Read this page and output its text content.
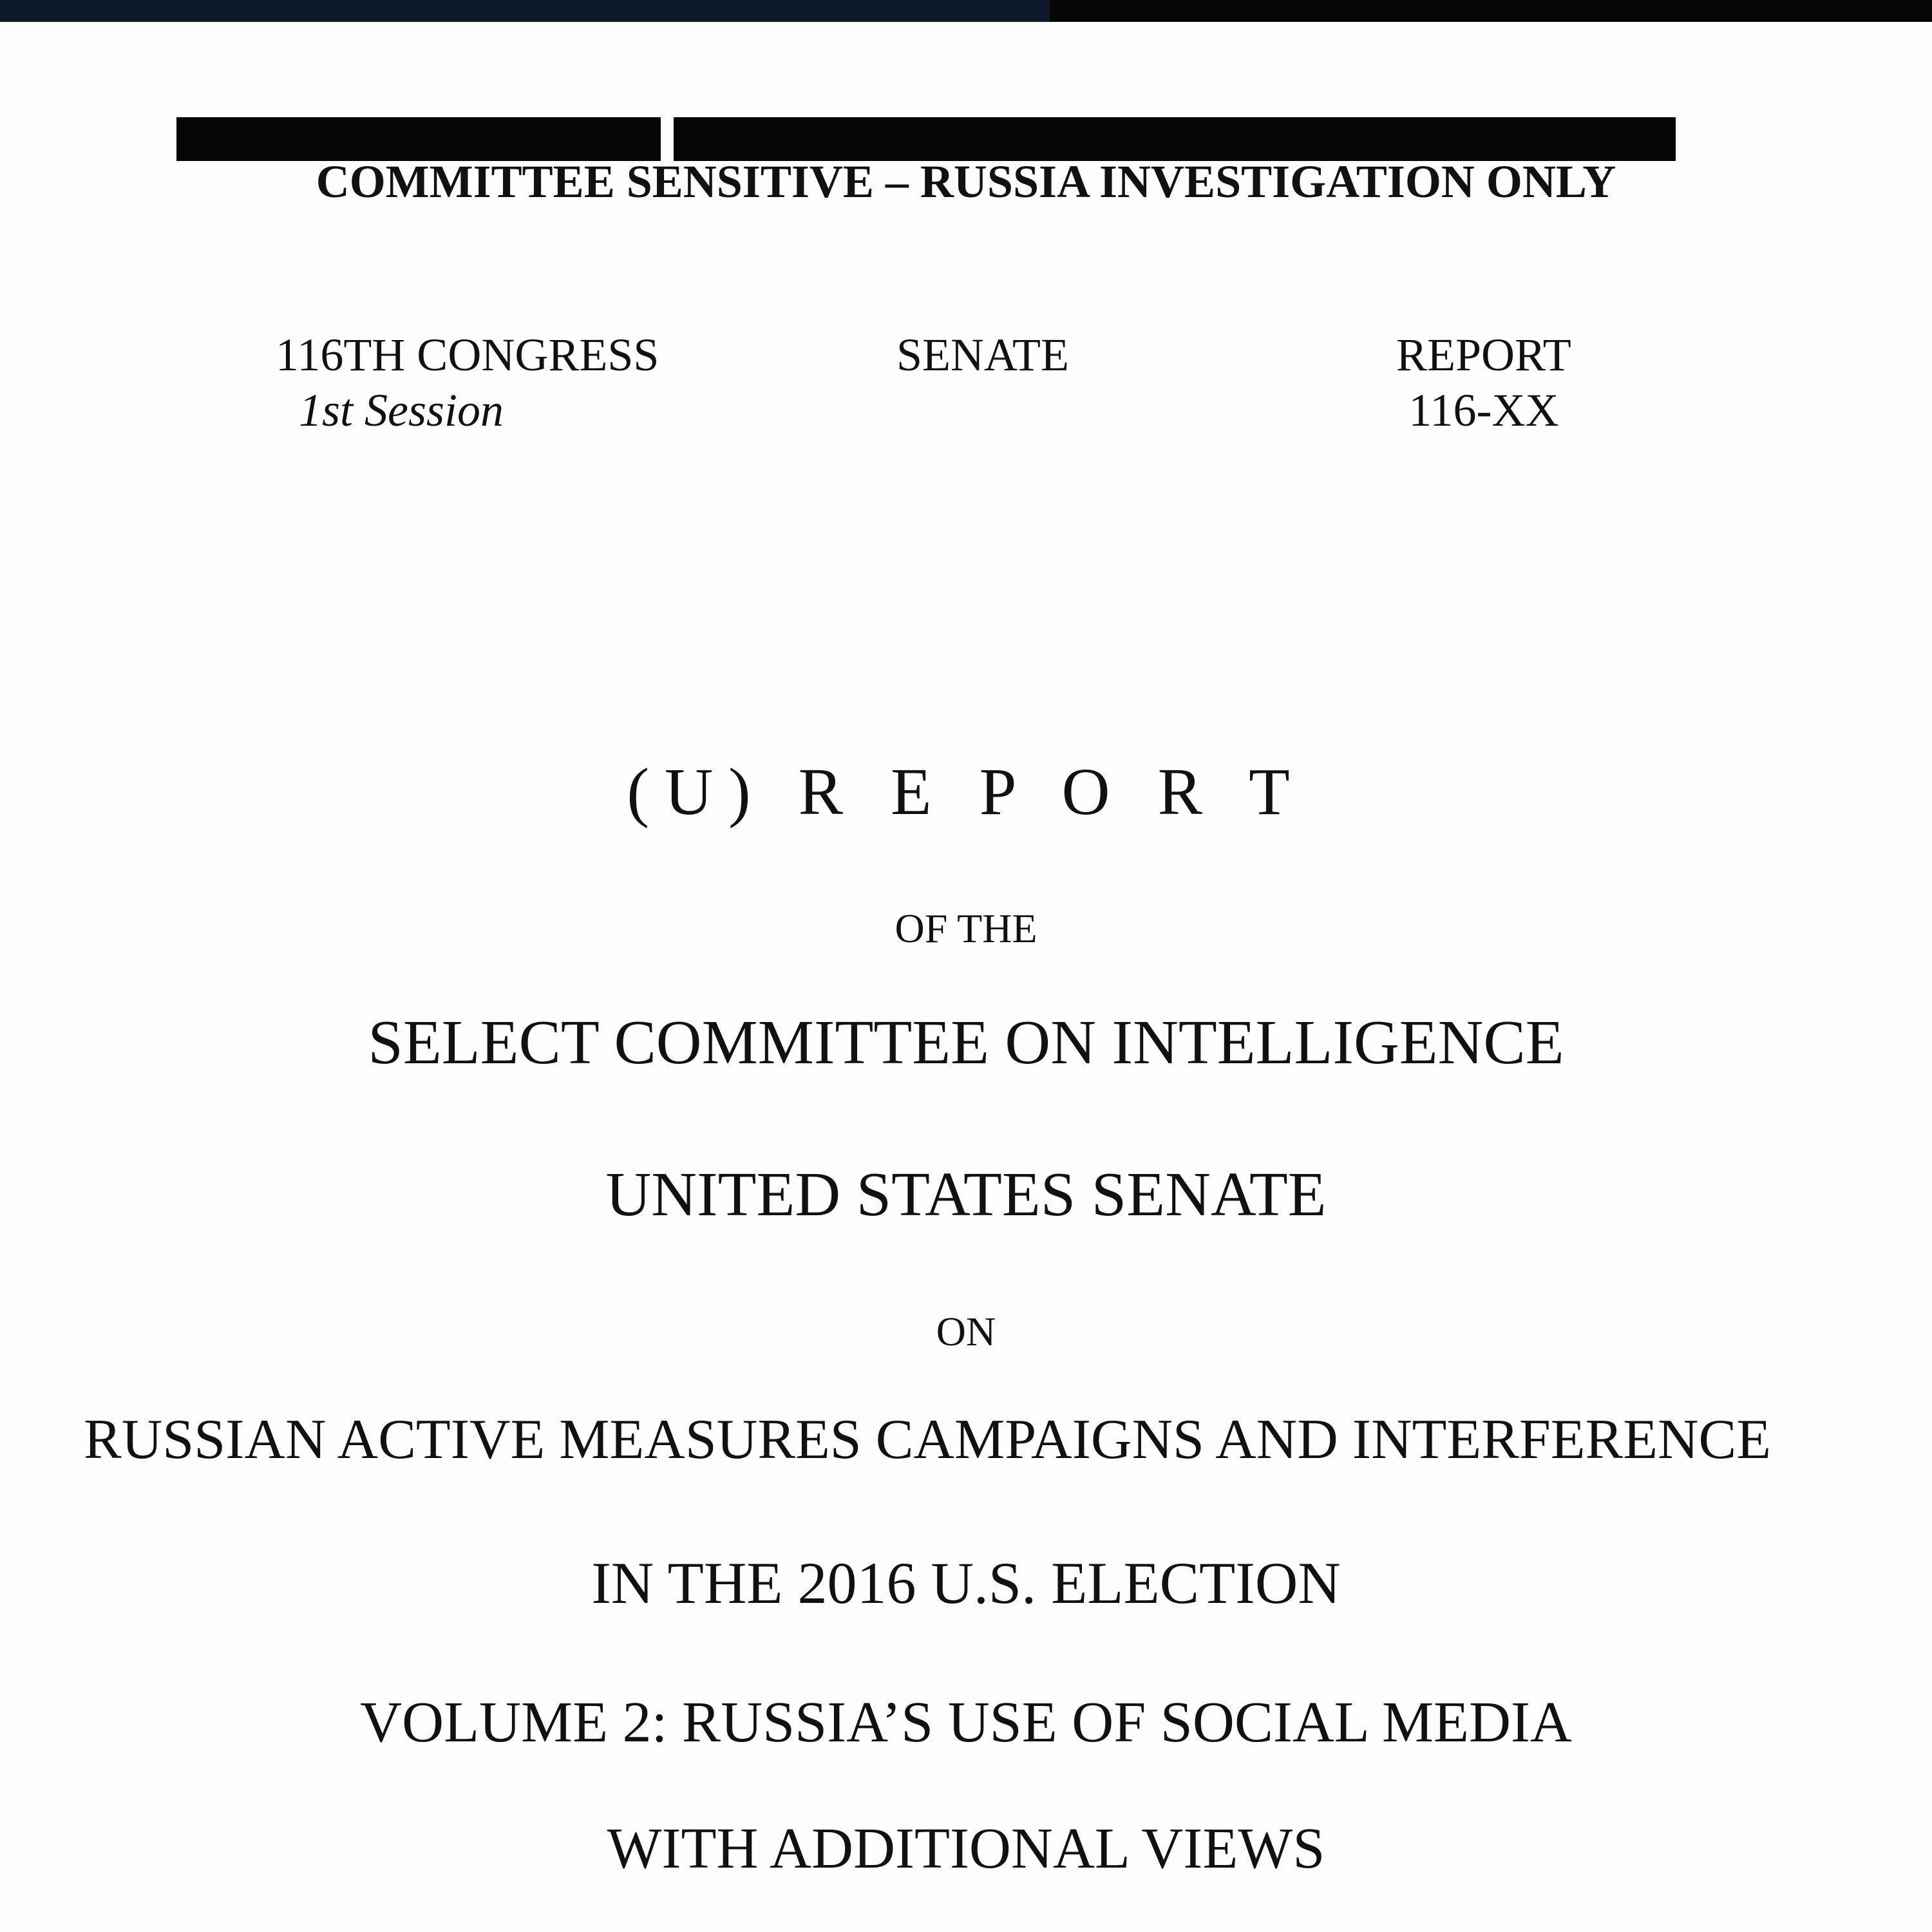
COMMITTEE SENSITIVE – RUSSIA INVESTIGATION ONLY
116TH CONGRESS
1st Session
SENATE	REPORT
116-XX
(U) R E P O R T
OF THE
SELECT COMMITTEE ON INTELLIGENCE
UNITED STATES SENATE
ON
RUSSIAN ACTIVE MEASURES CAMPAIGNS AND INTERFERENCE
IN THE 2016 U.S. ELECTION
VOLUME 2: RUSSIA’S USE OF SOCIAL MEDIA
WITH ADDITIONAL VIEWS
